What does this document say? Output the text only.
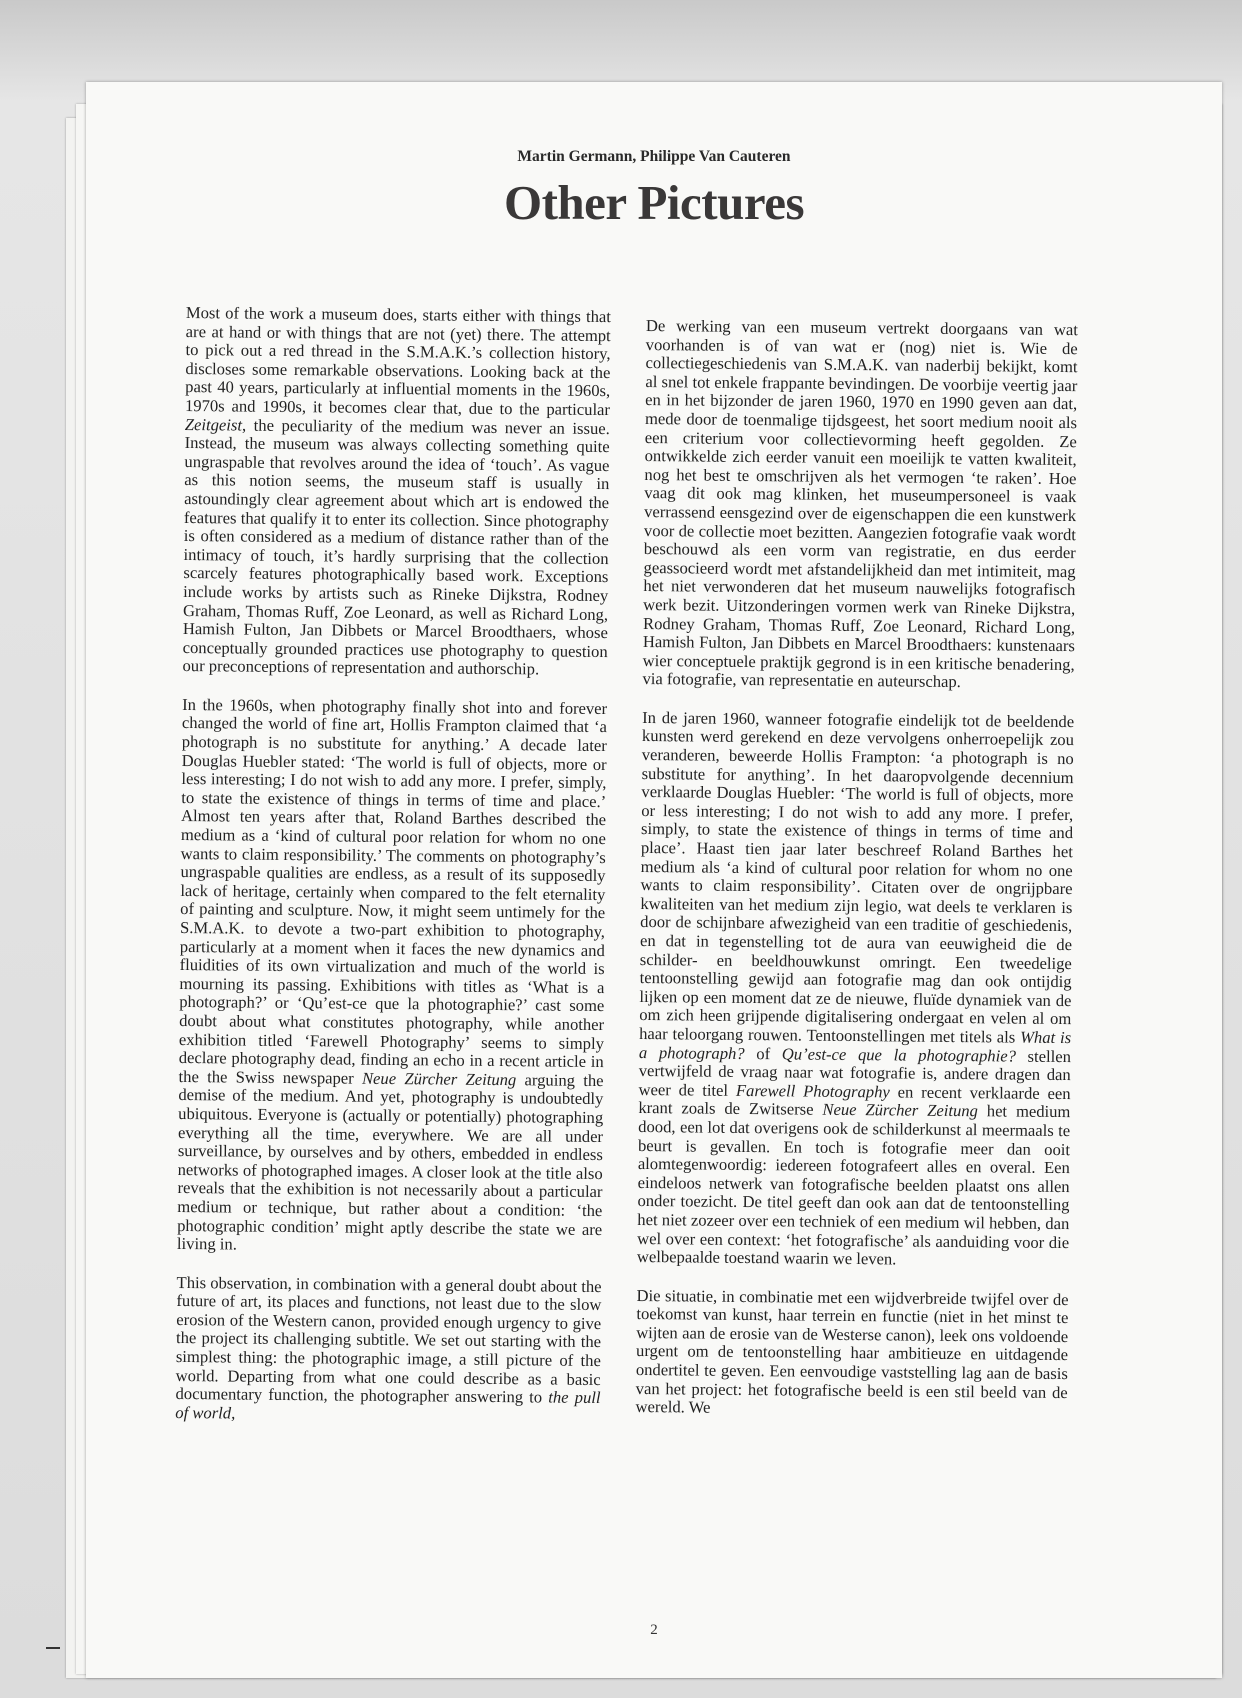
Martin Germann, Philippe Van Cauteren
Other Pictures

Most of the work a museum does, starts either with things that are at hand or with things that are not (yet) there. The attempt to pick out a red thread in the S.M.A.K.’s collection history, discloses some remarkable observations. Looking back at the past 40 years, particularly at influential moments in the 1960s, 1970s and 1990s, it becomes clear that, due to the particular Zeitgeist, the peculiarity of the medium was never an issue. Instead, the museum was always collecting something quite ungraspable that revolves around the idea of ‘touch’. As vague as this notion seems, the museum staff is usually in astoundingly clear agreement about which art is endowed the features that qualify it to enter its collection. Since photography is often considered as a medium of distance rather than of the intimacy of touch, it’s hardly surprising that the collection scarcely features photographically based work. Exceptions include works by artists such as Rineke Dijkstra, Rodney Graham, Thomas Ruff, Zoe Leonard, as well as Richard Long, Hamish Fulton, Jan Dibbets or Marcel Broodthaers, whose conceptually grounded practices use photography to question our preconceptions of representation and authorschip.

In the 1960s, when photography finally shot into and forever changed the world of fine art, Hollis Frampton claimed that ‘a photograph is no substitute for anything.’ A decade later Douglas Huebler stated: ‘The world is full of objects, more or less interesting; I do not wish to add any more. I prefer, simply, to state the existence of things in terms of time and place.’ Almost ten years after that, Roland Barthes described the medium as a ‘kind of cultural poor relation for whom no one wants to claim responsibility.’ The comments on photography’s ungraspable qualities are endless, as a result of its supposedly lack of heritage, certainly when compared to the felt eternality of painting and sculpture. Now, it might seem untimely for the S.M.A.K. to devote a two-part exhibition to photography, particularly at a moment when it faces the new dynamics and fluidities of its own virtualization and much of the world is mourning its passing. Exhibitions with titles as ‘What is a photograph?’ or ‘Qu’est-ce que la photographie?’ cast some doubt about what constitutes photography, while another exhibition titled ‘Farewell Photography’ seems to simply declare photography dead, finding an echo in a recent article in the the Swiss newspaper Neue Zürcher Zeitung arguing the demise of the medium. And yet, photography is undoubtedly ubiquitous. Everyone is (actually or potentially) photographing everything all the time, everywhere. We are all under surveillance, by ourselves and by others, embedded in endless networks of photographed images. A closer look at the title also reveals that the exhibition is not necessarily about a particular medium or technique, but rather about a condition: ‘the photographic condition’ might aptly describe the state we are living in.

This observation, in combination with a general doubt about the future of art, its places and functions, not least due to the slow erosion of the Western canon, provided enough urgency to give the project its challenging subtitle. We set out starting with the simplest thing: the photographic image, a still picture of the world. Departing from what one could describe as a basic documentary function, the photographer answering to the pull of world,

De werking van een museum vertrekt doorgaans van wat voorhanden is of van wat er (nog) niet is. Wie de collectiegeschiedenis van S.M.A.K. van naderbij bekijkt, komt al snel tot enkele frappante bevindingen. De voorbije veertig jaar en in het bijzonder de jaren 1960, 1970 en 1990 geven aan dat, mede door de toenmalige tijdsgeest, het soort medium nooit als een criterium voor collectievorming heeft gegolden. Ze ontwikkelde zich eerder vanuit een moeilijk te vatten kwaliteit, nog het best te omschrijven als het vermogen ‘te raken’. Hoe vaag dit ook mag klinken, het museumpersoneel is vaak verrassend eensgezind over de eigenschappen die een kunstwerk voor de collectie moet bezitten. Aangezien fotografie vaak wordt beschouwd als een vorm van registratie, en dus eerder geassocieerd wordt met afstandelijkheid dan met intimiteit, mag het niet verwonderen dat het museum nauwelijks fotografisch werk bezit. Uitzonderingen vormen werk van Rineke Dijkstra, Rodney Graham, Thomas Ruff, Zoe Leonard, Richard Long, Hamish Fulton, Jan Dibbets en Marcel Broodthaers: kunstenaars wier conceptuele praktijk gegrond is in een kritische benadering, via fotografie, van representatie en auteurschap.

In de jaren 1960, wanneer fotografie eindelijk tot de beeldende kunsten werd gerekend en deze vervolgens onherroepelijk zou veranderen, beweerde Hollis Frampton: ‘a photograph is no substitute for anything’. In het daaropvolgende decennium verklaarde Douglas Huebler: ‘The world is full of objects, more or less interesting; I do not wish to add any more. I prefer, simply, to state the existence of things in terms of time and place’. Haast tien jaar later beschreef Roland Barthes het medium als ‘a kind of cultural poor relation for whom no one wants to claim responsibility’. Citaten over de ongrijpbare kwaliteiten van het medium zijn legio, wat deels te verklaren is door de schijnbare afwezigheid van een traditie of geschiedenis, en dat in tegenstelling tot de aura van eeuwigheid die de schilder- en beeldhouwkunst omringt. Een tweedelige tentoonstelling gewijd aan fotografie mag dan ook ontijdig lijken op een moment dat ze de nieuwe, fluïde dynamiek van de om zich heen grijpende digitalisering ondergaat en velen al om haar teloorgang rouwen. Tentoonstellingen met titels als What is a photograph? of Qu’est-ce que la photographie? stellen vertwijfeld de vraag naar wat fotografie is, andere dragen dan weer de titel Farewell Photography en recent verklaarde een krant zoals de Zwitserse Neue Zürcher Zeitung het medium dood, een lot dat overigens ook de schilderkunst al meermaals te beurt is gevallen. En toch is fotografie meer dan ooit alomtegenwoordig: iedereen fotografeert alles en overal. Een eindeloos netwerk van fotografische beelden plaatst ons allen onder toezicht. De titel geeft dan ook aan dat de tentoonstelling het niet zozeer over een techniek of een medium wil hebben, dan wel over een context: ‘het fotografische’ als aanduiding voor die welbepaalde toestand waarin we leven.

Die situatie, in combinatie met een wijdverbreide twijfel over de toekomst van kunst, haar terrein en functie (niet in het minst te wijten aan de erosie van de Westerse canon), leek ons voldoende urgent om de tentoonstelling haar ambitieuze en uitdagende ondertitel te geven. Een eenvoudige vaststelling lag aan de basis van het project: het fotografische beeld is een stil beeld van de wereld. We

2
